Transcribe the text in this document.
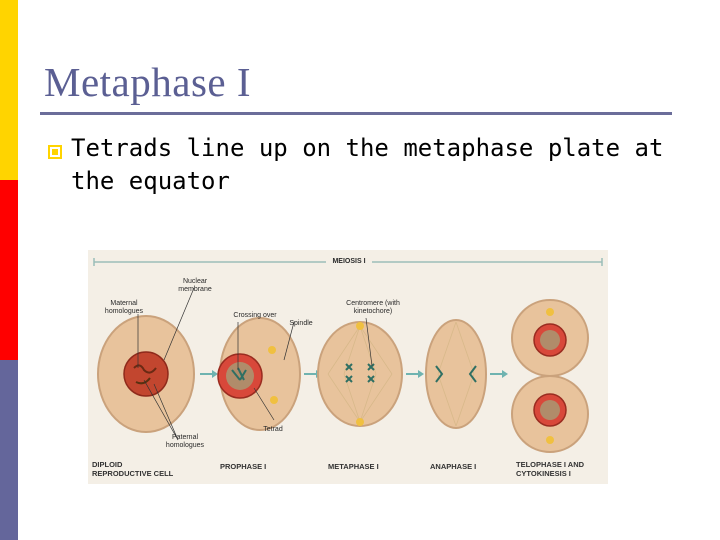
Metaphase I
Tetrads line up on the metaphase plate at the equator
MEIOSIS I
Nuclear membrane
Maternal homologues
Crossing over
Spindle
Centromere (with kinetochore)
Tetrad
Paternal homologues
DIPLOID REPRODUCTIVE CELL
PROPHASE I	METAPHASE I	ANAPHASE I	TELOPHASE I AND CYTOKINESIS I
